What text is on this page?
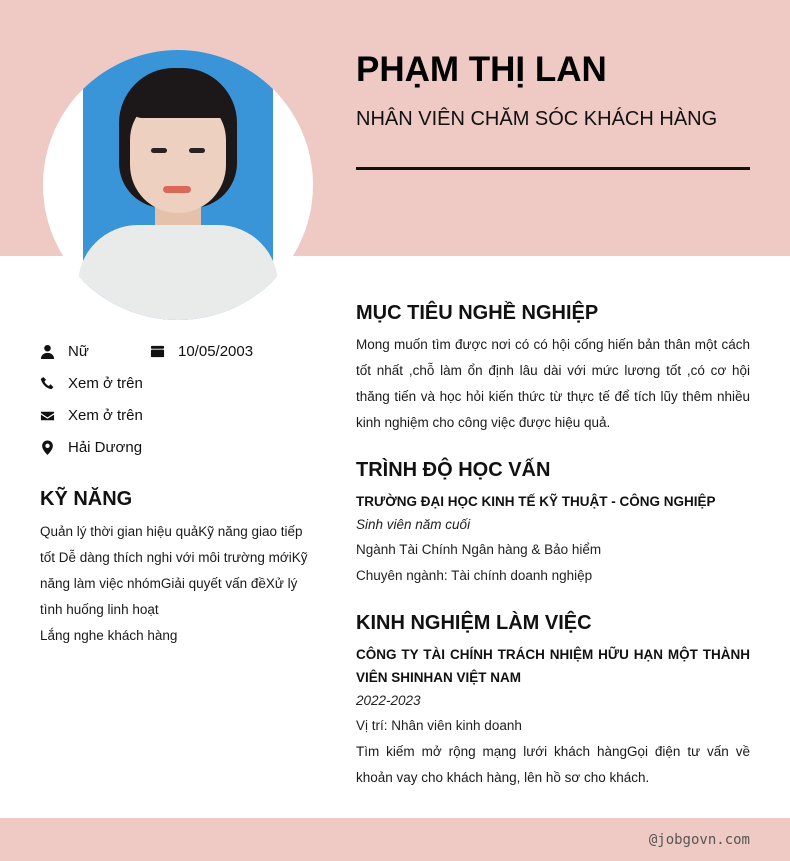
PHẠM THỊ LAN
NHÂN VIÊN CHĂM SÓC KHÁCH HÀNG
Nữ	10/05/2003
Xem ở trên
Xem ở trên
Hải Dương
KỸ NĂNG
Quản lý thời gian hiệu quảKỹ năng giao tiếp tốt Dễ dàng thích nghi với môi trường mớiKỹ năng làm việc nhómGiải quyết vấn đềXử lý tình huống linh hoạt
Lắng nghe khách hàng
MỤC TIÊU NGHỀ NGHIỆP
Mong muốn tìm được nơi có có hội cống hiến bản thân một cách tốt nhất ,chỗ làm ổn định lâu dài với mức lương tốt ,có cơ hội thăng tiến và học hỏi kiến thức từ thực tế để tích lũy thêm nhiều kinh nghiệm cho công việc được hiệu quả.
TRÌNH ĐỘ HỌC VẤN
TRƯỜNG ĐẠI HỌC KINH TẾ KỸ THUẬT - CÔNG NGHIỆP
Sinh viên năm cuối
Ngành Tài Chính Ngân hàng & Bảo hiểm
Chuyên ngành: Tài chính doanh nghiệp
KINH NGHIỆM LÀM VIỆC
CÔNG TY TÀI CHÍNH TRÁCH NHIỆM HỮU HẠN MỘT THÀNH VIÊN SHINHAN VIỆT NAM
2022-2023
Vị trí: Nhân viên kinh doanh
Tìm kiếm mở rộng mạng lưới khách hàngGọi điện tư vấn về khoản vay cho khách hàng, lên hồ sơ cho khách.
@jobgovn.com
